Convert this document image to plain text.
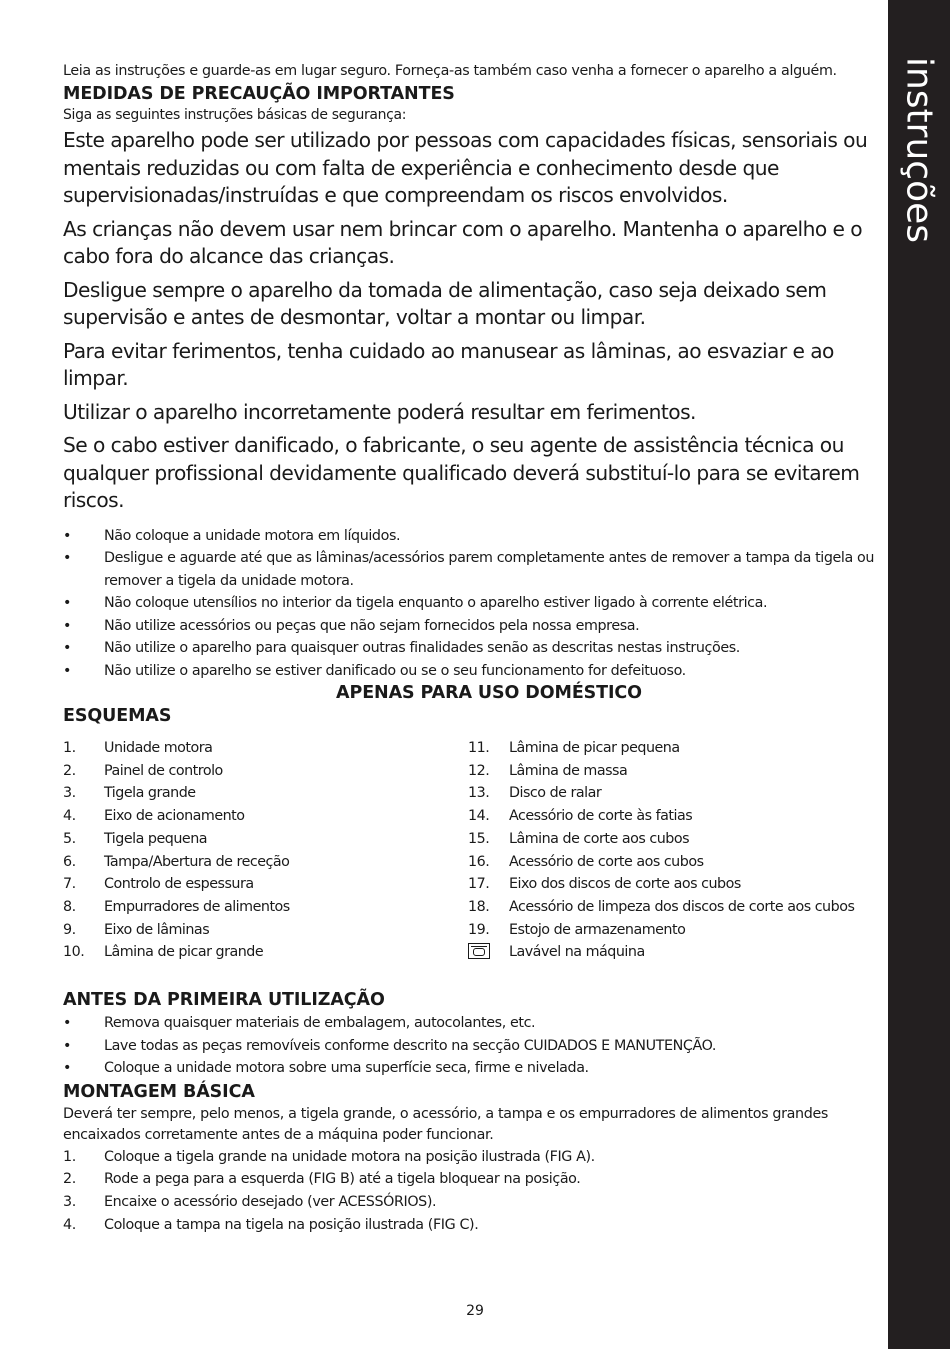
instruções

Leia as instruções e guarde-as em lugar seguro. Forneça-as também caso venha a fornecer o aparelho a alguém.

MEDIDAS DE PRECAUÇÃO IMPORTANTES

Siga as seguintes instruções básicas de segurança:

Este aparelho pode ser utilizado por pessoas com capacidades físicas, sensoriais ou mentais reduzidas ou com falta de experiência e conhecimento desde que supervisionadas/instruídas e que compreendam os riscos envolvidos.

As crianças não devem usar nem brincar com o aparelho. Mantenha o aparelho e o cabo fora do alcance das crianças.

Desligue sempre o aparelho da tomada de alimentação, caso seja deixado sem supervisão e antes de desmontar, voltar a montar ou limpar.

Para evitar ferimentos, tenha cuidado ao manusear as lâminas, ao esvaziar e ao limpar.

Utilizar o aparelho incorretamente poderá resultar em ferimentos.

Se o cabo estiver danificado, o fabricante, o seu agente de assistência técnica ou qualquer profissional devidamente qualificado deverá substituí-lo para se evitarem riscos.

• Não coloque a unidade motora em líquidos.
• Desligue e aguarde até que as lâminas/acessórios parem completamente antes de remover a tampa da tigela ou remover a tigela da unidade motora.
• Não coloque utensílios no interior da tigela enquanto o aparelho estiver ligado à corrente elétrica.
• Não utilize acessórios ou peças que não sejam fornecidos pela nossa empresa.
• Não utilize o aparelho para quaisquer outras finalidades senão as descritas nestas instruções.
• Não utilize o aparelho se estiver danificado ou se o seu funcionamento for defeituoso.
APENAS PARA USO DOMÉSTICO

ESQUEMAS

1.	Unidade motora
2.	Painel de controlo
3.	Tigela grande
4.	Eixo de acionamento
5.	Tigela pequena
6.	Tampa/Abertura de receção
7.	Controlo de espessura
8.	Empurradores de alimentos
9.	Eixo de lâminas
10.	Lâmina de picar grande
11.	Lâmina de picar pequena
12.	Lâmina de massa
13.	Disco de ralar
14.	Acessório de corte às fatias
15.	Lâmina de corte aos cubos
16.	Acessório de corte aos cubos
17.	Eixo dos discos de corte aos cubos
18.	Acessório de limpeza dos discos de corte aos cubos
19.	Estojo de armazenamento
Lavável na máquina

ANTES DA PRIMEIRA UTILIZAÇÃO

• Remova quaisquer materiais de embalagem, autocolantes, etc.
• Lave todas as peças removíveis conforme descrito na secção CUIDADOS E MANUTENÇÃO.
• Coloque a unidade motora sobre uma superfície seca, firme e nivelada.

MONTAGEM BÁSICA

Deverá ter sempre, pelo menos, a tigela grande, o acessório, a tampa e os empurradores de alimentos grandes encaixados corretamente antes de a máquina poder funcionar.

1.	Coloque a tigela grande na unidade motora na posição ilustrada (FIG A).
2.	Rode a pega para a esquerda (FIG B) até a tigela bloquear na posição.
3.	Encaixe o acessório desejado (ver ACESSÓRIOS).
4.	Coloque a tampa na tigela na posição ilustrada (FIG C).
29
